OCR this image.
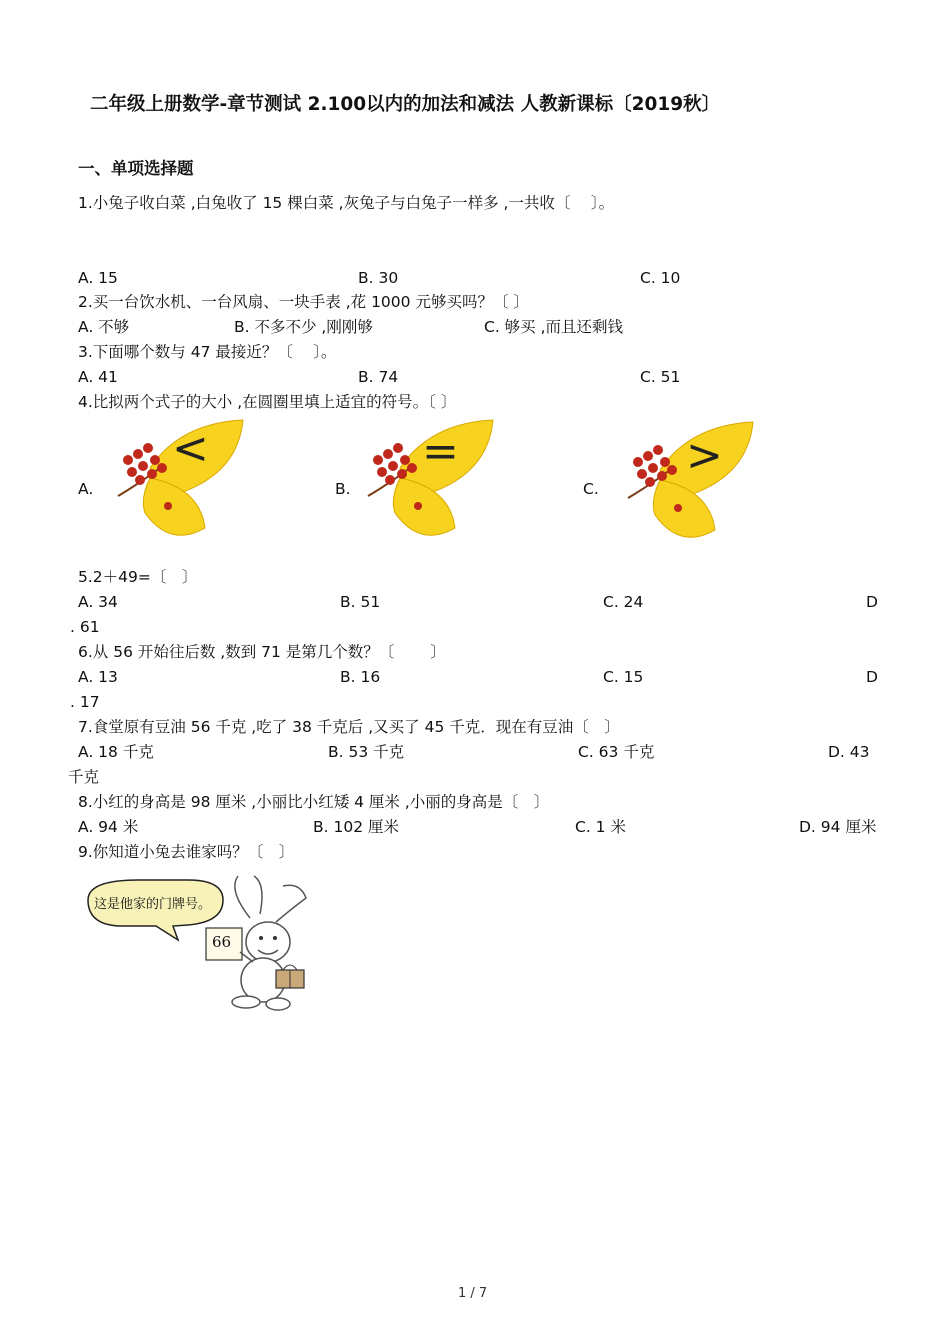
二年级上册数学-章节测试 2.100以内的加法和减法 人教新课标〔2019秋〕
一、单项选择题
1.小兔子收白菜 ,白兔收了 15 棵白菜 ,灰兔子与白兔子一样多 ,一共收〔　 〕。
A. 15	B. 30	C. 10
2.买一台饮水机、一台风扇、一块手表 ,花 1000 元够买吗？〔 〕
A. 不够	B. 不多不少 ,刚刚够	C. 够买 ,而且还剩钱
3.下面哪个数与 47 最接近？〔　 〕。
A. 41	B. 74	C. 51
4.比拟两个式子的大小 ,在圆圈里填上适宜的符号。〔 〕
A.	B.	C.
<	=	>
5.2＋49=〔　〕
A. 34	B. 51	C. 24	D
. 61
6.从 56 开始往后数 ,数到 71 是第几个数？〔　　 〕
A. 13	B. 16	C. 15	D
. 17
7.食堂原有豆油 56 千克 ,吃了 38 千克后 ,又买了 45 千克．现在有豆油〔　〕
A. 18 千克	B. 53 千克	C. 63 千克	D. 43
千克
8.小红的身高是 98 厘米 ,小丽比小红矮 4 厘米 ,小丽的身高是〔　〕
A. 94 米	B. 102 厘米	C. 1 米	D. 94 厘米
9.你知道小兔去谁家吗？〔　〕
这是他家的门牌号。
66
1 / 7
